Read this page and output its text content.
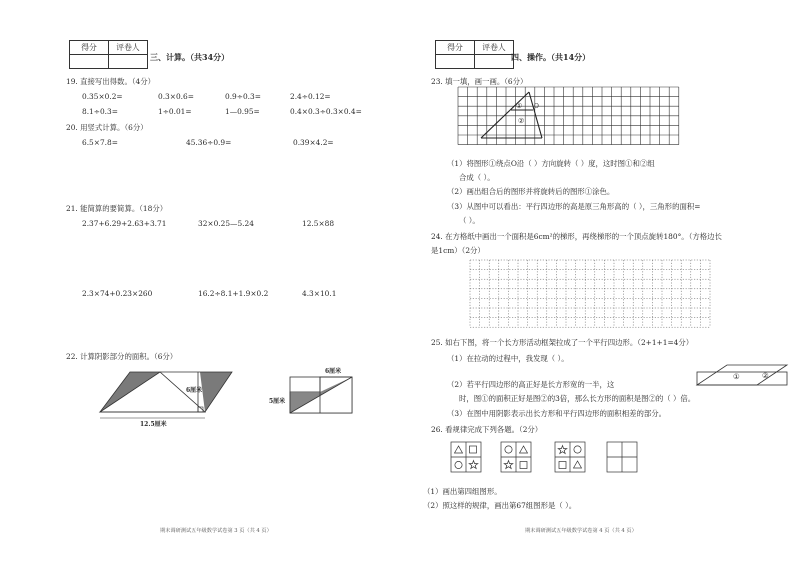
得分	评卷人

三、计算。（共34分）
19. 直接写出得数。（4分）
0.35×0.2=	0.3×0.6=	0.9÷0.3=	2.4÷0.12=
8.1÷0.3=	1÷0.01=	1—0.95=	0.4×0.3÷0.3×0.4=
20. 用竖式计算。（6分）
6.5×7.8=	45.36÷0.9=	0.39×4.2=
21. 能简算的要简算。（18分）
2.37+6.29+2.63+3.71	32×0.25—5.24	12.5×88
2.3×74+0.23×260	16.2÷8.1+1.9×0.2	4.3×10.1
22. 计算阴影部分的面积。（6分）
6厘米
12.5厘米
6厘米
5厘米
期末调研测试五年级数学试卷第 3 页（共 4 页）
得分	评卷人

四、操作。（共14分）
23. 填一填，画一画。（6分）
①
②
O
（1）将图形①绕点O沿（ ）方向旋转（ ）度，这时图①和②组
合成（ ）。
（2）画出组合后的图形并将旋转后的图形①涂色。
（3）从图中可以看出：平行四边形的高是原三角形高的（ ），三角形的面积=
（ ）。
24. 在方格纸中画出一个面积是6cm²的梯形，再绕梯形的一个顶点旋转180°。（方格边长
是1cm）（2分）
25. 如右下图，将一个长方形活动框架拉成了一个平行四边形。（2+1+1=4分）
（1）在拉动的过程中，我发现（ ）。
（2）若平行四边形的高正好是长方形宽的一半，这
时，图①的面积正好是图②的3倍，那么长方形的面积是图②的（ ）倍。
（3）在图中用阴影表示出长方形和平行四边形的面积相差的部分。
①	②
26. 看规律完成下列各题。（2分）
（1）画出第四组图形。
（2）照这样的规律，画出第67组图形是（ ）。
期末调研测试五年级数学试卷第 4 页（共 4 页）
